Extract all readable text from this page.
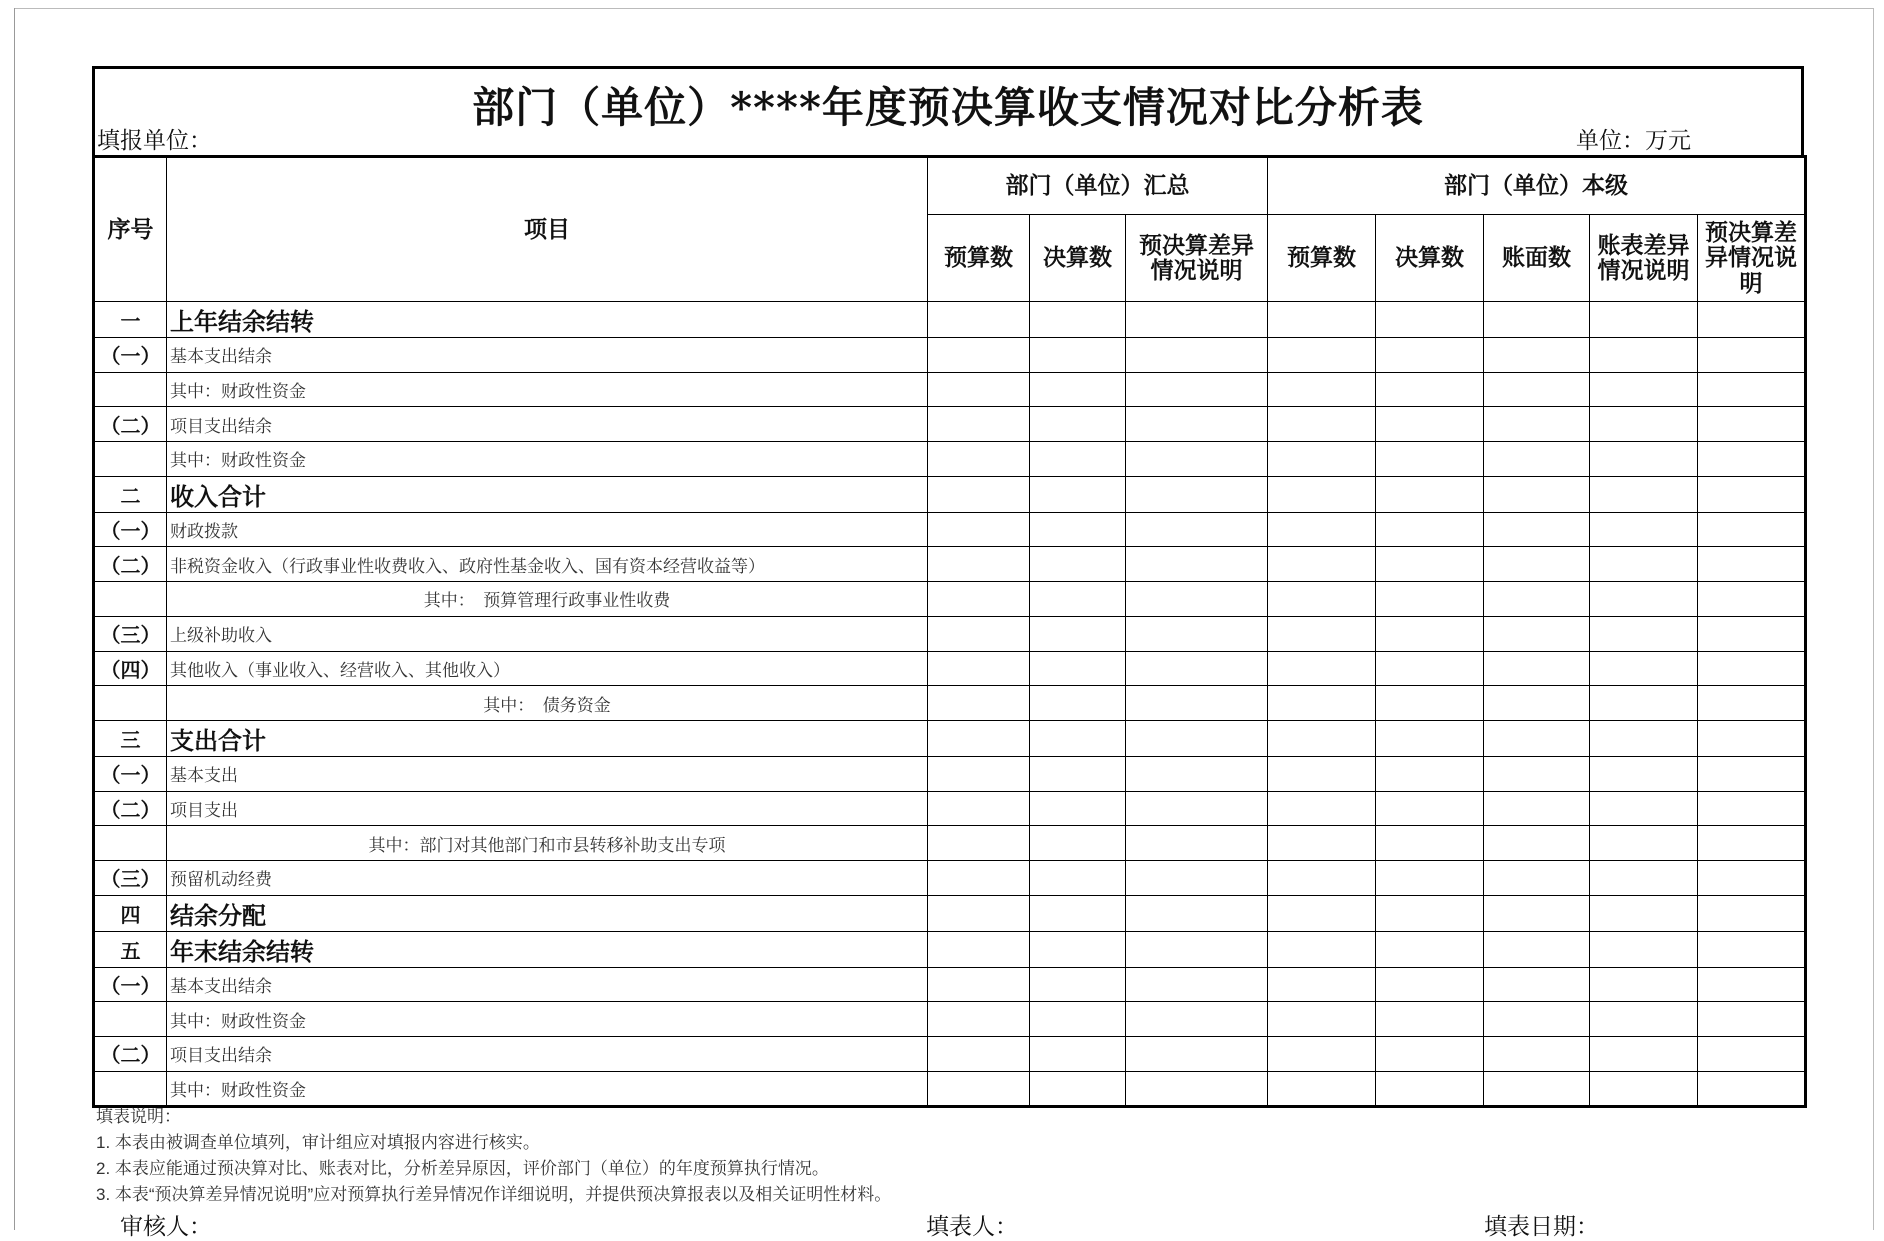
部门（单位）****年度预决算收支情况对比分析表
填报单位：	单位：万元
序号	项目	部门（单位）汇总			部门（单位）本级				
		预算数	决算数	预决算差异情况说明	预算数	决算数	账面数	账表差异情况说明	预决算差异情况说明
一	上年结余结转								
（一）	基本支出结余								
	其中：财政性资金								
（二）	项目支出结余								
	其中：财政性资金								
二	收入合计								
（一）	财政拨款								
（二）	非税资金收入（行政事业性收费收入、政府性基金收入、国有资本经营收益等）								
	其中：　预算管理行政事业性收费								
（三）	上级补助收入								
（四）	其他收入（事业收入、经营收入、其他收入）								
	其中：　债务资金								
三	支出合计								
（一）	基本支出								
（二）	项目支出								
	其中：部门对其他部门和市县转移补助支出专项								
（三）	预留机动经费								
四	结余分配								
五	年末结余结转								
（一）	基本支出结余								
	其中：财政性资金								
（二）	项目支出结余								
	其中：财政性资金								
填表说明：
1. 本表由被调查单位填列，审计组应对填报内容进行核实。
2. 本表应能通过预决算对比、账表对比，分析差异原因，评价部门（单位）的年度预算执行情况。
3. 本表“预决算差异情况说明”应对预算执行差异情况作详细说明，并提供预决算报表以及相关证明性材料。
审核人：	填表人：	填表日期：
